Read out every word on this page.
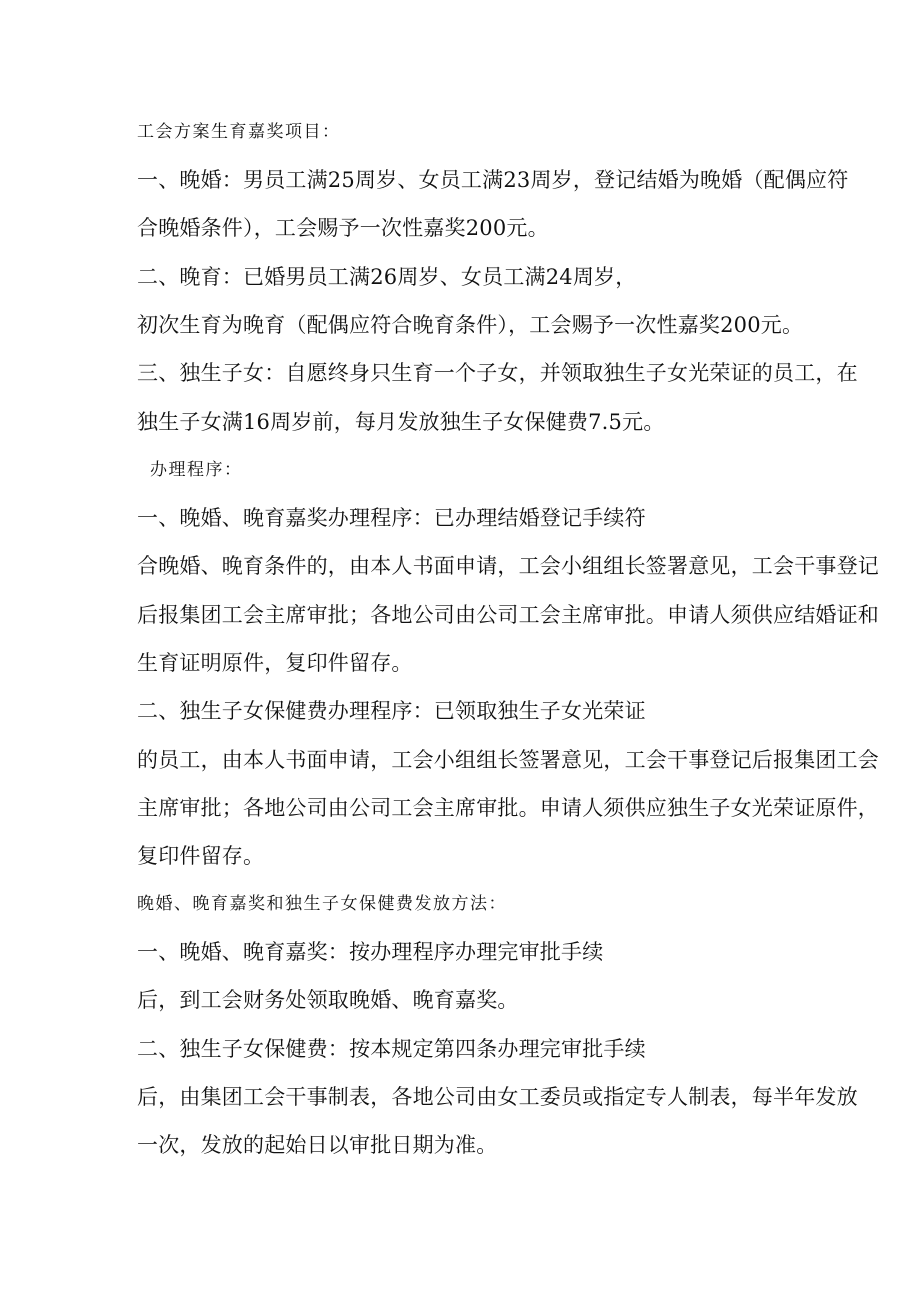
工会方案生育嘉奖项目：
一、晚婚：男员工满25周岁、女员工满23周岁，登记结婚为晚婚（配偶应符
合晚婚条件），工会赐予一次性嘉奖200元。
二、晚育：已婚男员工满26周岁、女员工满24周岁，
初次生育为晚育（配偶应符合晚育条件），工会赐予一次性嘉奖200元。
三、独生子女：自愿终身只生育一个子女，并领取独生子女光荣证的员工，在
独生子女满16周岁前，每月发放独生子女保健费7.5元。
办理程序：
一、晚婚、晚育嘉奖办理程序：已办理结婚登记手续符
合晚婚、晚育条件的，由本人书面申请，工会小组组长签署意见，工会干事登记
后报集团工会主席审批；各地公司由公司工会主席审批。申请人须供应结婚证和
生育证明原件，复印件留存。
二、独生子女保健费办理程序：已领取独生子女光荣证
的员工，由本人书面申请，工会小组组长签署意见，工会干事登记后报集团工会
主席审批；各地公司由公司工会主席审批。申请人须供应独生子女光荣证原件，
复印件留存。
晚婚、晚育嘉奖和独生子女保健费发放方法：
一、晚婚、晚育嘉奖：按办理程序办理完审批手续
后，到工会财务处领取晚婚、晚育嘉奖。
二、独生子女保健费：按本规定第四条办理完审批手续
后，由集团工会干事制表，各地公司由女工委员或指定专人制表，每半年发放
一次，发放的起始日以审批日期为准。
